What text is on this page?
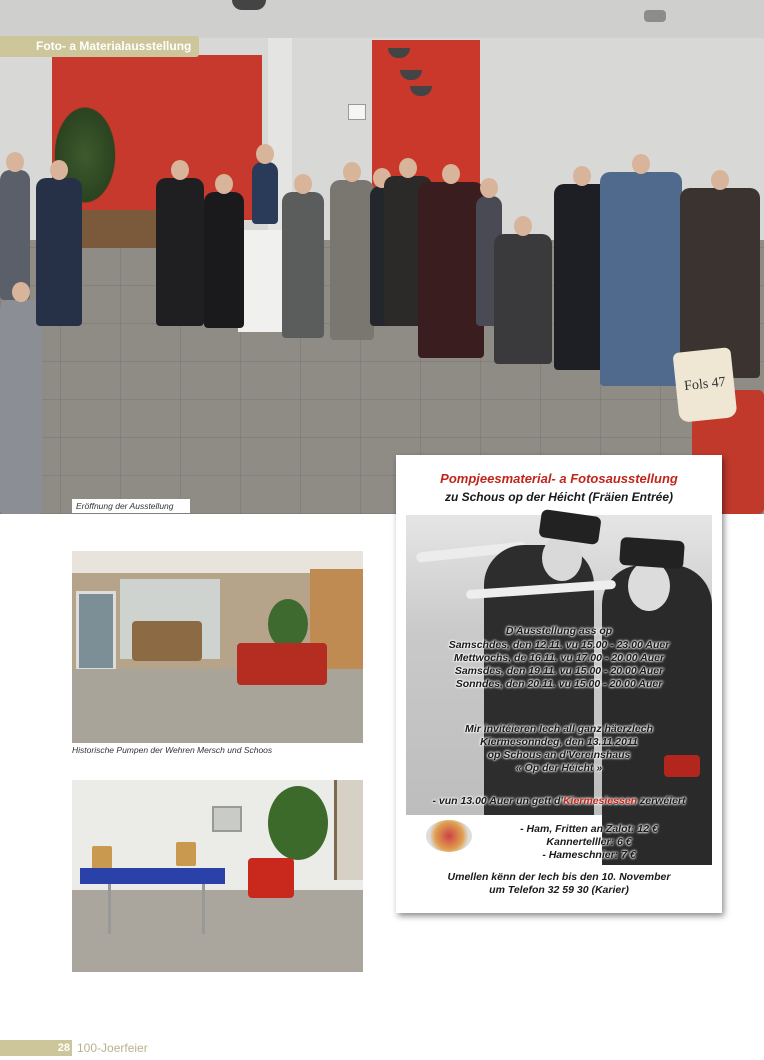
Fols 47
Foto- a Materialausstellung
Eröffnung der Ausstellung
Pompjeesmaterial- a Fotosausstellung
zu Schous op der Héicht (Fräien Entrée)
D'Ausstellung ass op
Samschdes, den 12.11. vu 15.00 - 23.00 Auer
Mettwochs, de 16.11. vu 17.00 - 20.00 Auer
Samsdes, den 19.11. vu 15.00 - 20.00 Auer
Sonndes, den 20.11. vu 15.00 - 20.00 Auer
Mir invitéieren Iech all ganz häerzlech
Kiermesonndeg, den 13.11.2011
op Schous an d'Vereinshaus
« Op der Héicht »
- vun 13.00 Auer un gett d'Kiermesiessen zerwéiert
- Ham, Fritten an Zalot: 12 €
Kannertelller: 6 €
- Hameschnier: 7 €
Umellen kënn der Iech bis den 10. November
um Telefon 32 59 30 (Karier)
Historische Pumpen der Wehren Mersch und Schoos
28 100-Joerfeier
